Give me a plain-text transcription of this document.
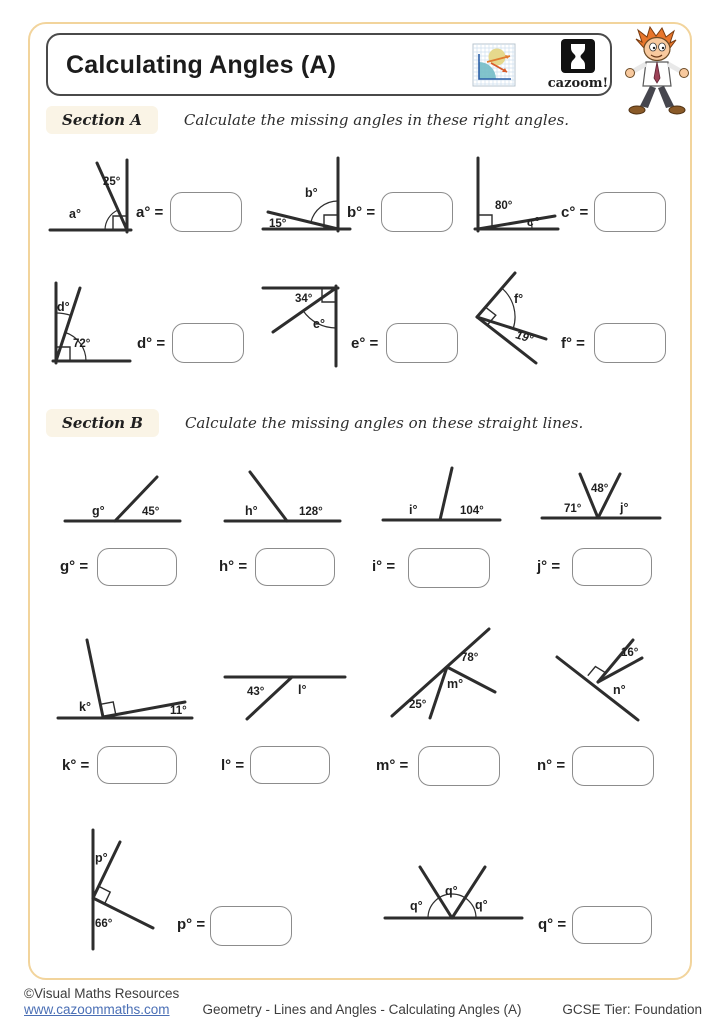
Calculating Angles (A)
cazoom!
Section A	Calculate the missing angles in these right angles.
a°
25°
a° =
b°
15°
b° =	80°
c°
c° =
d°
72°	d° =
34°
e°
e° =
f°
19° f° =
Section B	Calculate the missing angles on these straight lines.
g°	45°
g° =
h°	128°
h° =
i°	104°
i° =
71°
48°
j°
j° =
k°	11°
k° =
43°	l°
l° =
78°
m°
25°
m° =
16°
n°
n° =
p°
66°	p° =
q°
q°
q°
q° =
©Visual Maths Resources
www.cazoommaths.com	Geometry - Lines and Angles - Calculating Angles (A)	GCSE Tier: Foundation
